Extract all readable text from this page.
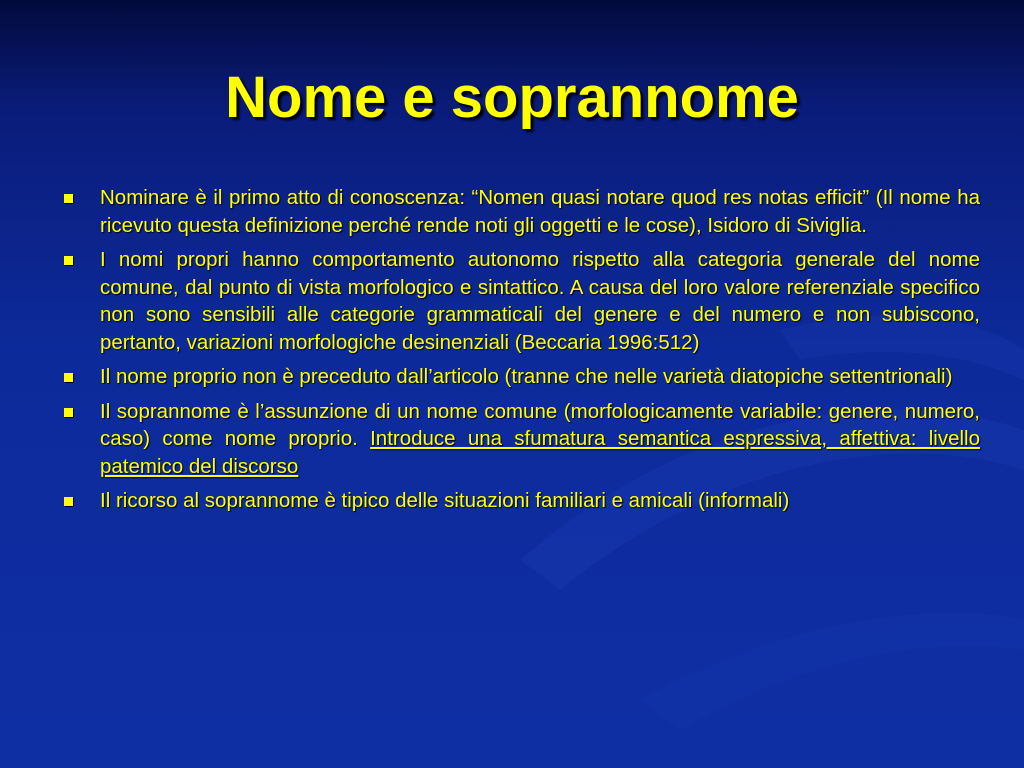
Nome e soprannome
Nominare è il primo atto di conoscenza: “Nomen quasi notare quod res notas efficit” (Il nome ha ricevuto questa definizione perché rende noti gli oggetti e le cose), Isidoro di Siviglia.
I nomi propri hanno comportamento autonomo rispetto alla categoria generale del nome comune, dal punto di vista morfologico e sintattico. A causa del loro valore referenziale specifico non sono sensibili alle categorie grammaticali del genere e del numero e non subiscono, pertanto, variazioni morfologiche desinenziali (Beccaria 1996:512)
Il nome proprio non è preceduto dall’articolo (tranne che nelle varietà diatopiche settentrionali)
Il soprannome è l’assunzione di un nome comune (morfologicamente variabile: genere, numero, caso) come nome proprio. Introduce una sfumatura semantica espressiva, affettiva: livello patemico del discorso
Il ricorso al soprannome è tipico delle situazioni familiari e amicali (informali)
